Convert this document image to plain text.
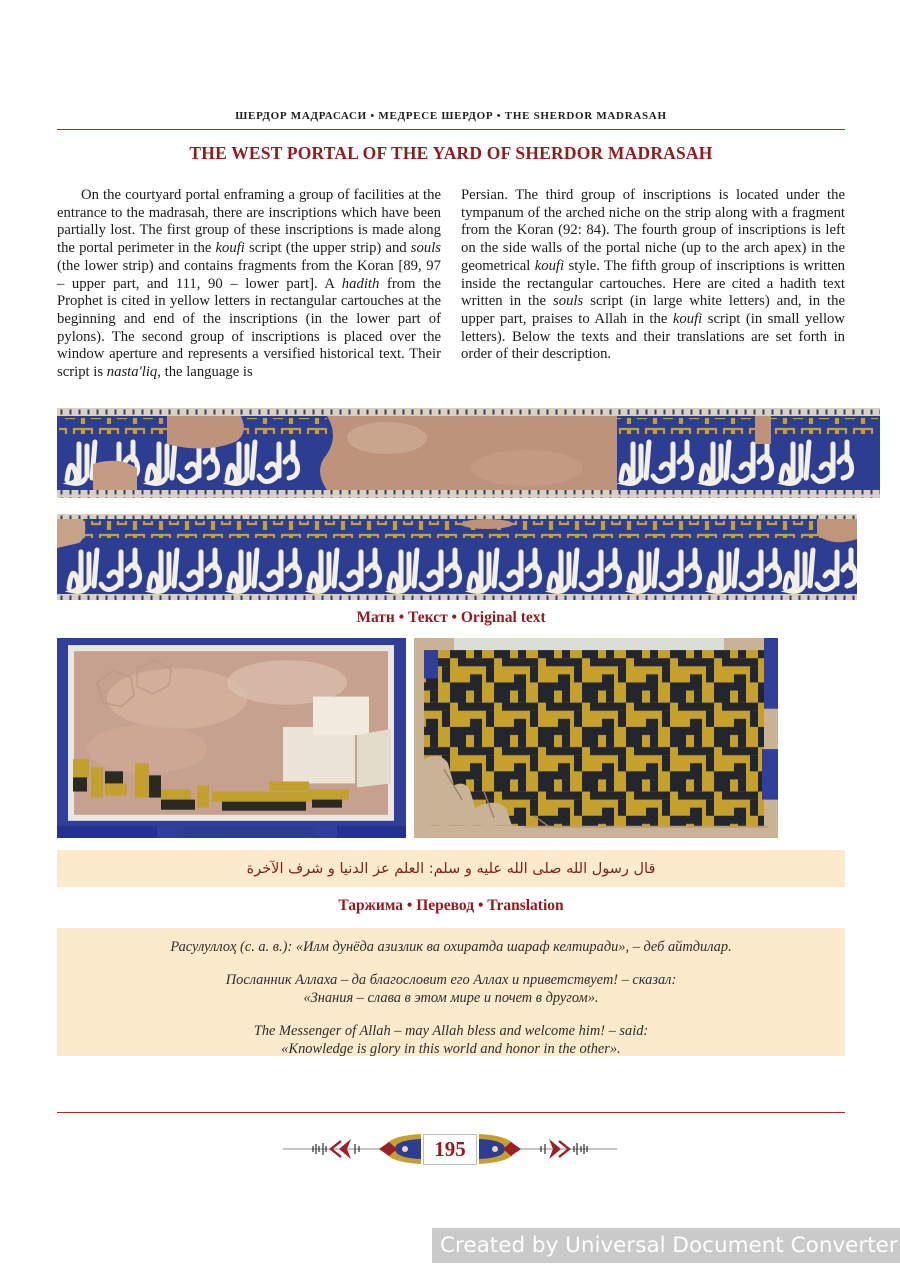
ШЕРДОР МАДРАСАСИ • МЕДРЕСЕ ШЕРДОР • THE SHERDOR MADRASAH
THE WEST PORTAL OF THE YARD OF SHERDOR MADRASAH

On the courtyard portal enframing a group of facilities at the entrance to the madrasah, there are inscriptions which have been partially lost. The first group of these inscriptions is made along the portal perimeter in the koufi script (the upper strip) and souls (the lower strip) and contains fragments from the Koran [89, 97 – upper part, and 111, 90 – lower part]. A hadith from the Prophet is cited in yellow letters in rectangular cartouches at the beginning and end of the inscriptions (in the lower part of pylons). The second group of inscriptions is placed over the window aperture and represents a versified historical text. Their script is nasta'liq, the language is

Persian. The third group of inscriptions is located under the tympanum of the arched niche on the strip along with a fragment from the Koran (92: 84). The fourth group of inscriptions is left on the side walls of the portal niche (up to the arch apex) in the geometrical koufi style. The fifth group of inscriptions is written inside the rectangular cartouches. Here are cited a hadith text written in the souls script (in large white letters) and, in the upper part, praises to Allah in the koufi script (in small yellow letters). Below the texts and their translations are set forth in order of their description.

Матн • Текст • Original text
قال رسول الله صلى الله عليه و سلم: العلم عز الدنيا و شرف الآخرة
Таржима • Перевод • Translation

Расулуллоҳ (с. а. в.): «Илм дунёда азизлик ва охиратда шараф келтиради», – деб айтдилар.

Посланник Аллаха – да благословит его Аллах и приветствует! – сказал:

«Знания – слава в этом мире и почет в другом».

The Messenger of Allah – may Allah bless and welcome him! – said:

«Knowledge is glory in this world and honor in the other».

195
Created by Universal Document Converter
